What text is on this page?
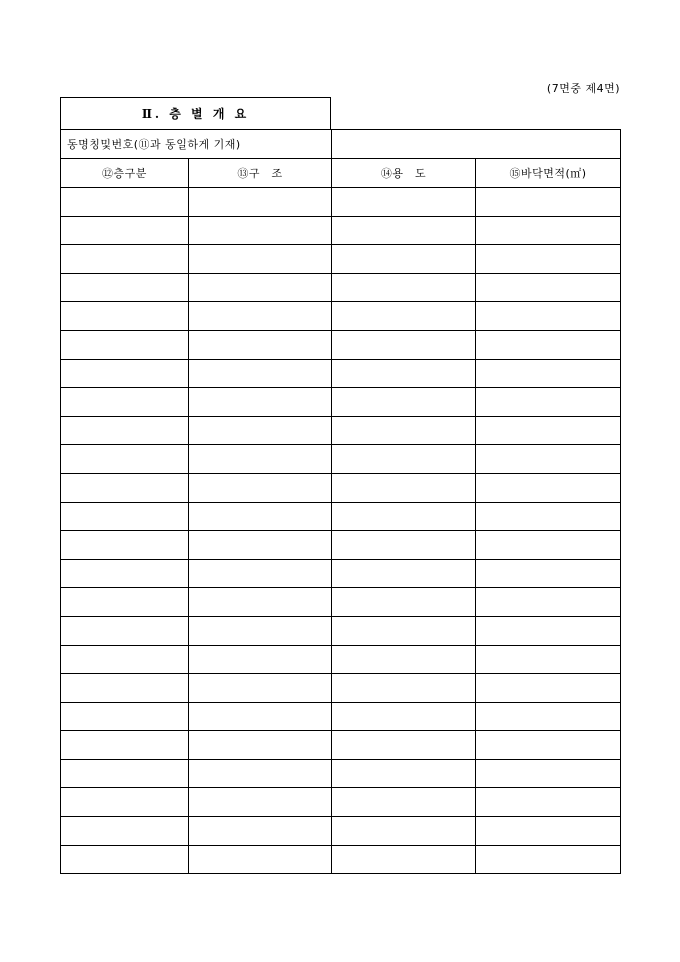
(7면중 제4면)
Ⅱ. 층 별 개 요
동명칭및번호(⑪과 동일하게 기재)			
⑫층구분	⑬구　조	⑭용　도	⑮바닥면적(㎡)
